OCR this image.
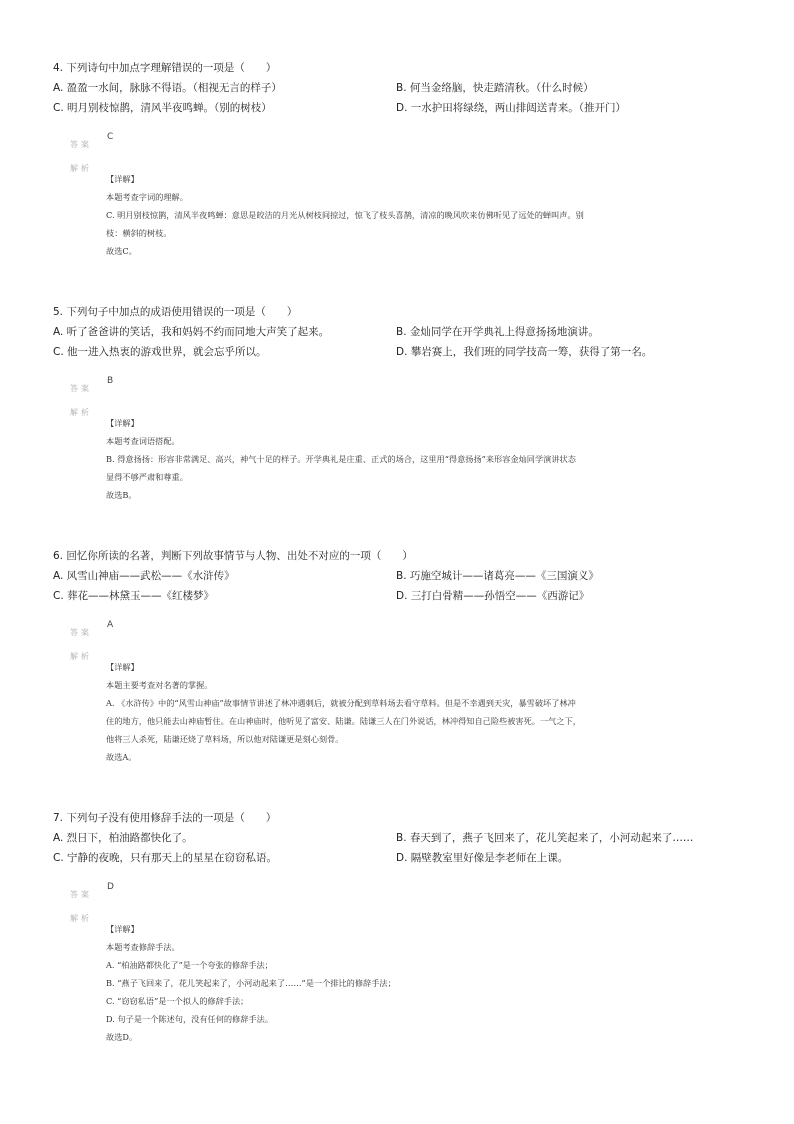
4. 下列诗句中加点字理解错误的一项是（　　）
A. 盈盈一水间，脉脉不得语。（相视无言的样子）	B. 何当金络脑，快走踏清秋。（什么时候）
C. 明月别枝惊鹊，清风半夜鸣蝉。（别的树枝）	D. 一水护田将绿绕，两山排闼送青来。（推开门）
答案
C
解析
【详解】
本题考查字词的理解。
C. 明月别枝惊鹊，清风半夜鸣蝉：意思是皎洁的月光从树枝间掠过，惊飞了枝头喜鹊，清凉的晚风吹来仿佛听见了远处的蝉叫声。别
枝：横斜的树枝。
故选C。
5. 下列句子中加点的成语使用错误的一项是（　　）
A. 听了爸爸讲的笑话，我和妈妈不约而同地大声笑了起来。	B. 金灿同学在开学典礼上得意扬扬地演讲。
C. 他一进入热衷的游戏世界，就会忘乎所以。	D. 攀岩赛上，我们班的同学技高一筹，获得了第一名。
答案
B
解析
【详解】
本题考查词语搭配。
B. 得意扬扬：形容非常满足、高兴，神气十足的样子。开学典礼是庄重、正式的场合，这里用“得意扬扬”来形容金灿同学演讲状态
显得不够严肃和尊重。
故选B。
6. 回忆你所读的名著，判断下列故事情节与人物、出处不对应的一项（　　）
A. 风雪山神庙——武松——《水浒传》	B. 巧施空城计——诸葛亮——《三国演义》
C. 葬花——林黛玉——《红楼梦》	D. 三打白骨精——孙悟空——《西游记》
答案
A
解析
【详解】
本题主要考查对名著的掌握。
A. 《水浒传》中的“风雪山神庙”故事情节讲述了林冲遇刺后，就被分配到草料场去看守草料。但是不幸遇到天灾，暴雪破坏了林冲
住的地方，他只能去山神庙暂住。在山神庙时，他听见了富安、陆谦。陆谦三人在门外说话，林冲得知自己险些被害死。一气之下，
他将三人杀死，陆谦还烧了草料场，所以他对陆谦更是刻心刻骨。
故选A。
7. 下列句子没有使用修辞手法的一项是（　　）
A. 烈日下，柏油路都快化了。	B. 春天到了，燕子飞回来了，花儿笑起来了，小河动起来了……
C. 宁静的夜晚，只有那天上的星星在窃窃私语。	D. 隔壁教室里好像是李老师在上课。
答案
D
解析
【详解】
本题考查修辞手法。
A. “柏油路都快化了”是一个夸张的修辞手法；
B. “燕子飞回来了，花儿笑起来了，小河动起来了……”是一个排比的修辞手法；
C. “窃窃私语”是一个拟人的修辞手法；
D. 句子是一个陈述句，没有任何的修辞手法。
故选D。
